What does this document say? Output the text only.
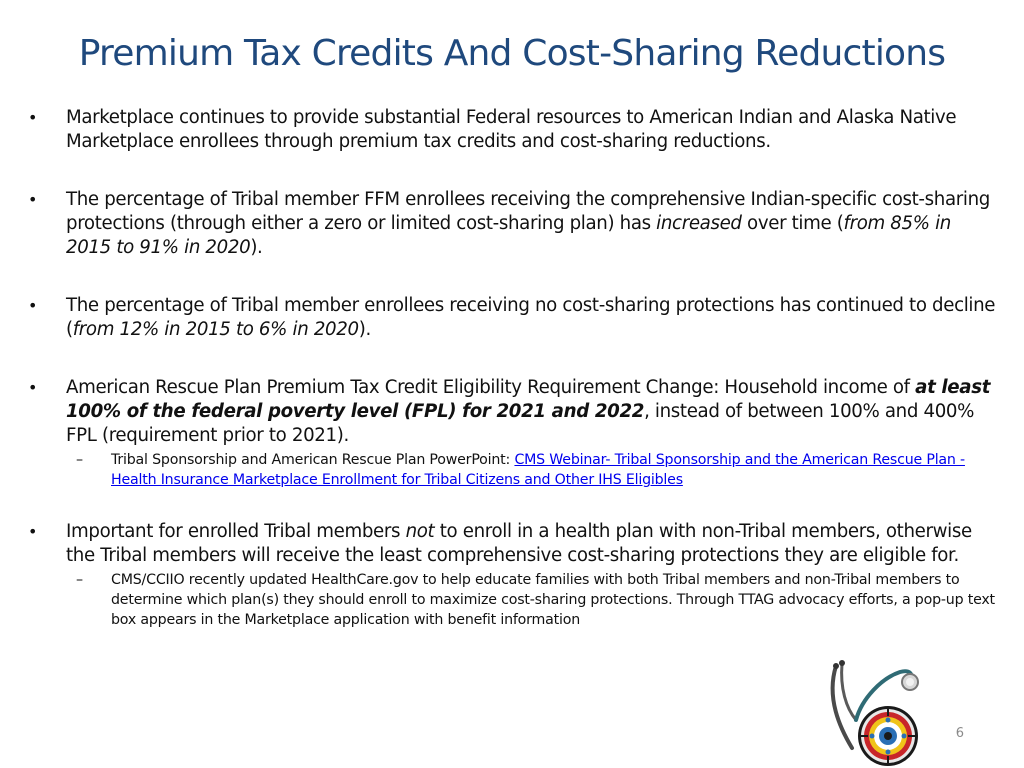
Premium Tax Credits And Cost-Sharing Reductions
• Marketplace continues to provide substantial Federal resources to American Indian and Alaska Native Marketplace enrollees through premium tax credits and cost-sharing reductions.
• The percentage of Tribal member FFM enrollees receiving the comprehensive Indian-specific cost-sharing protections (through either a zero or limited cost-sharing plan) has increased over time (from 85% in 2015 to 91% in 2020).
• The percentage of Tribal member enrollees receiving no cost-sharing protections has continued to decline (from 12% in 2015 to 6% in 2020).
• American Rescue Plan Premium Tax Credit Eligibility Requirement Change: Household income of at least 100% of the federal poverty level (FPL) for 2021 and 2022, instead of between 100% and 400% FPL (requirement prior to 2021).
– Tribal Sponsorship and American Rescue Plan PowerPoint: CMS Webinar- Tribal Sponsorship and the American Rescue Plan - Health Insurance Marketplace Enrollment for Tribal Citizens and Other IHS Eligibles
• Important for enrolled Tribal members not to enroll in a health plan with non-Tribal members, otherwise the Tribal members will receive the least comprehensive cost-sharing protections they are eligible for.
– CMS/CCIIO recently updated HealthCare.gov to help educate families with both Tribal members and non-Tribal members to determine which plan(s) they should enroll to maximize cost-sharing protections. Through TTAG advocacy efforts, a pop-up text box appears in the Marketplace application with benefit information
6
